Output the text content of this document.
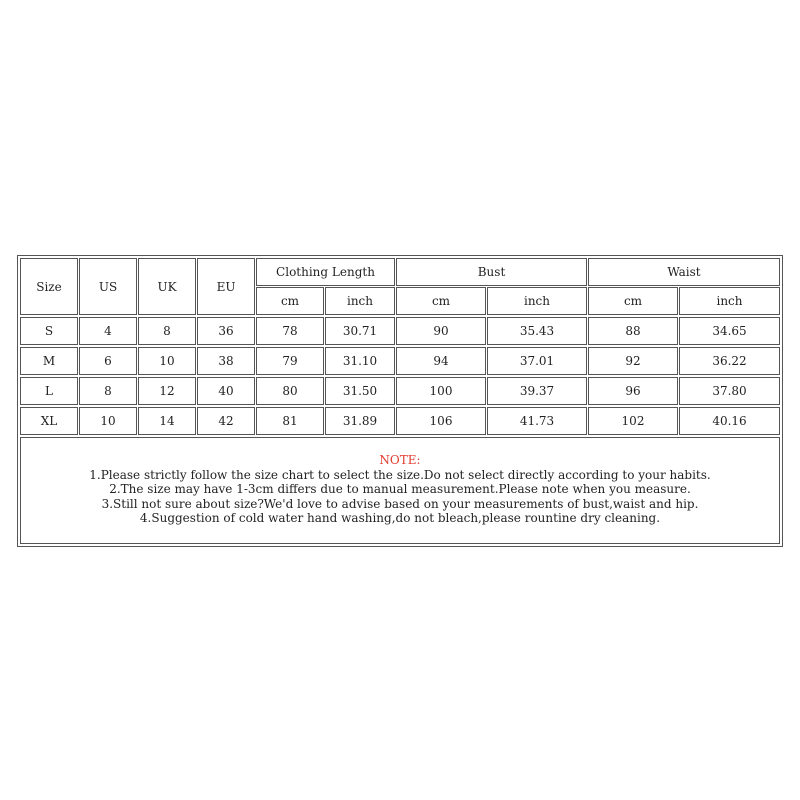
Size	US	UK	EU
Clothing Length	Bust	Waist
cm	inch	cm	inch	cm	inch
S	4	8	36	78	30.71	90	35.43	88	34.65
M	6	10	38	79	31.10	94	37.01	92	36.22
L	8	12	40	80	31.50	100	39.37	96	37.80
XL	10	14	42	81	31.89	106	41.73	102	40.16
NOTE:
1.Please strictly follow the size chart to select the size.Do not select directly according to your habits.
2.The size may have 1-3cm differs due to manual measurement.Please note when you measure.
3.Still not sure about size?We'd love to advise based on your measurements of bust,waist and hip.
4.Suggestion of cold water hand washing,do not bleach,please rountine dry cleaning.
